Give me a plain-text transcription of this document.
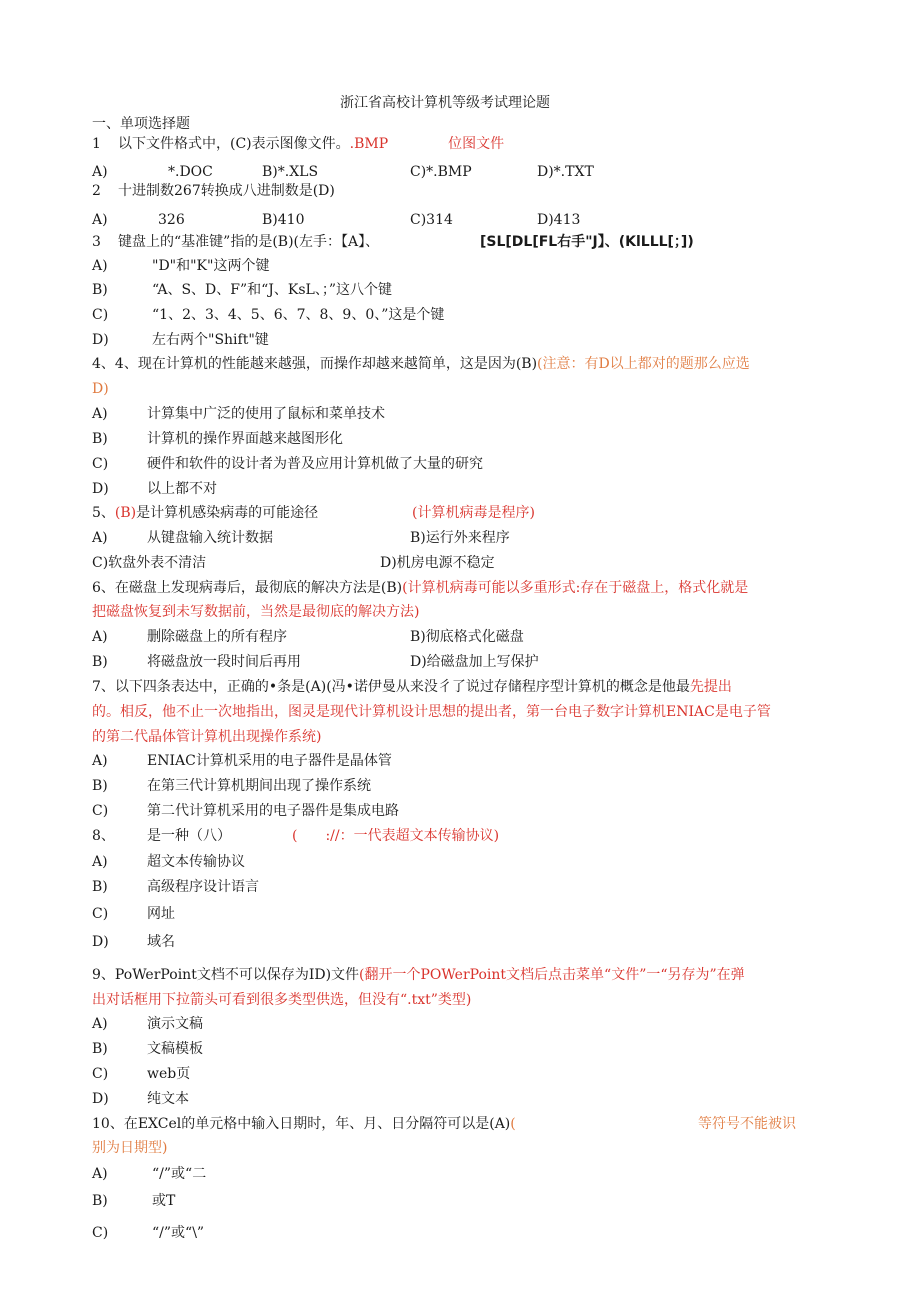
浙江省高校计算机等级考试理论题
一、单项选择题
1 以下文件格式中，(C)表示图像文件。.BMP	位图文件
A)	*.DOC	B)*.XLS	C)*.BMP	D)*.TXT
2 十进制数267转换成八进制数是(D)
A)	326	B)410	C)314	D)413
3 键盘上的“基准键”指的是(B)(左手：【A】、	[SL[DL[FL右手"J】、(KlLLL[；])
A)	"D"和"K"这两个键
B)	“A、S、D、F”和“J、KsL、；”这八个键
C)	“1、2、3、4、5、6、7、8、9、0、”这是个键
D)	左右两个"Shift"键
4、4、现在计算机的性能越来越强，而操作却越来越简单，这是因为(B)(注意：有D以上都对的题那么应选
D)
A)	计算集中广泛的使用了鼠标和菜单技术
B)	计算机的操作界面越来越图形化
C)	硬件和软件的设计者为普及应用计算机做了大量的研究
D)	以上都不对
5、(B)是计算机感染病毒的可能途径	(计算机病毒是程序)
A)	从键盘输入统计数据	B)运行外来程序
C)软盘外表不清洁	D)机房电源不稳定
6、在磁盘上发现病毒后，最彻底的解决方法是(B)(计算机病毒可能以多重形式:存在于磁盘上，格式化就是
把磁盘恢复到未写数据前，当然是最彻底的解决方法)
A)	删除磁盘上的所有程序	B)彻底格式化磁盘
B)	将磁盘放一段时间后再用	D)给磁盘加上写保护
7、以下四条表达中，正确的•条是(A)(冯•诺伊曼从来没彳了说过存储程序型计算机的概念是他最先提出
的。相反，他不止一次地指出，图灵是现代计算机设计思想的提出者，第一台电子数字计算机ENIAC是电子管
的第二代晶体管计算机出现操作系统)
A)	ENIAC计算机采用的电子器件是晶体管
B)	在第三代计算机期间出现了操作系统
C)	第二代计算机采用的电子器件是集成电路
8、 是一种（八）	(　　://：一代表超文本传输协议)
A)	超文本传输协议
B)	高级程序设计语言
C)	网址
D)	域名
9、PoWerPoint文档不可以保存为ID)文件(翻开一个POWerPoint文档后点击菜单“文件”一“另存为”在弹
出对话框用下拉箭头可看到很多类型供选，但没有“.txt”类型)
A)	演示文稿
B)	文稿模板
C)	web页
D)	纯文本
10、在EXCel的单元格中输入日期时，年、月、日分隔符可以是(A)(	等符号不能被识
别为日期型)
A)	“/”或“二
B)	或T
C)	“/”或“\”
